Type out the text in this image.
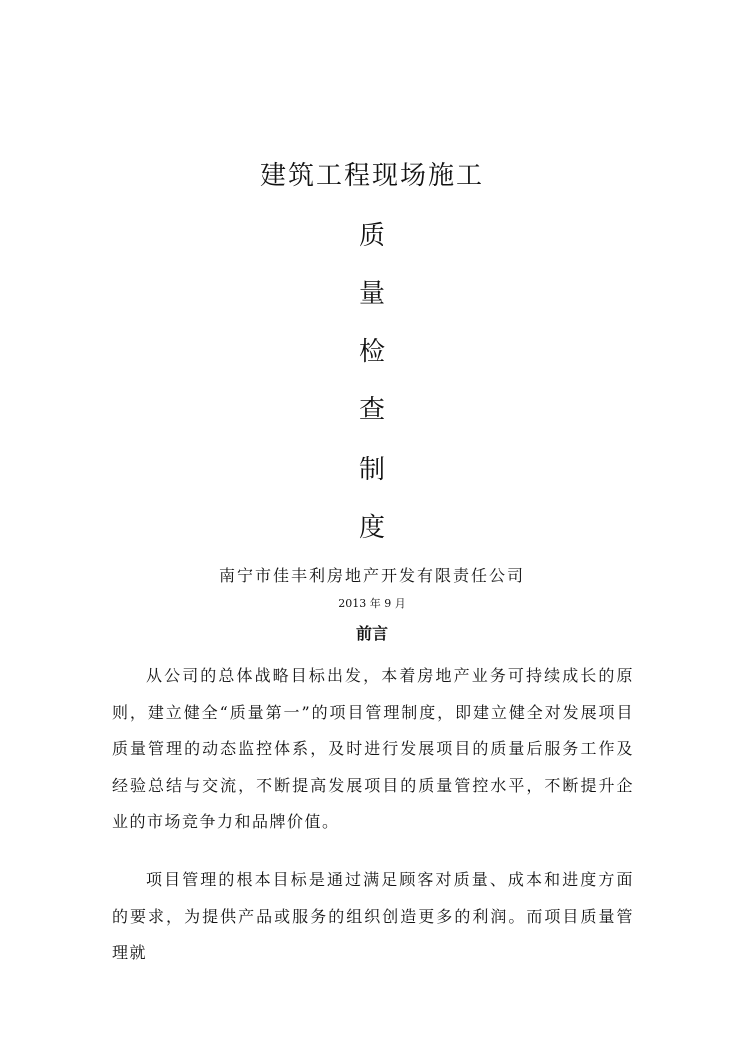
建筑工程现场施工
质
量
检
查
制
度
南宁市佳丰利房地产开发有限责任公司
2013 年 9 月
前言

从公司的总体战略目标出发，本着房地产业务可持续成长的原则，建立健全“质量第一”的项目管理制度，即建立健全对发展项目质量管理的动态监控体系，及时进行发展项目的质量后服务工作及经验总结与交流，不断提高发展项目的质量管控水平，不断提升企业的市场竞争力和品牌价值。

项目管理的根本目标是通过满足顾客对质量、成本和进度方面的要求，为提供产品或服务的组织创造更多的利润。而项目质量管理就
